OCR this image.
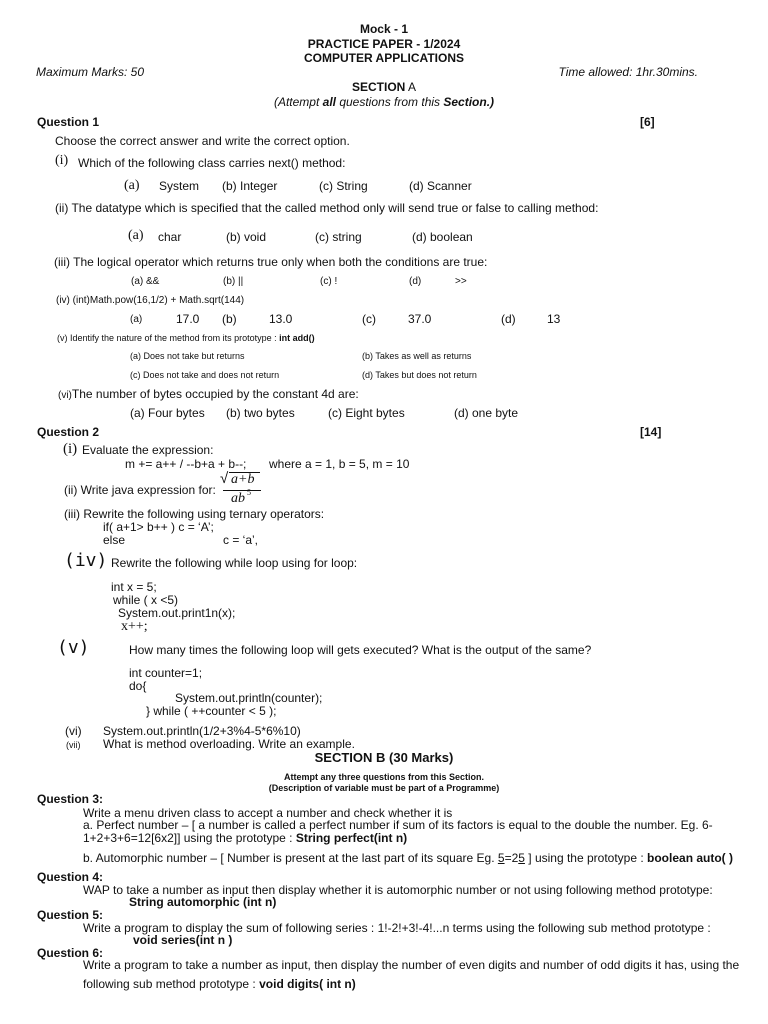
Mock - 1
PRACTICE PAPER - 1/2024
COMPUTER APPLICATIONS
Maximum Marks: 50	Time allowed: 1hr.30mins.
SECTION A
(Attempt all questions from this Section.)
Question 1	[6]
Choose the correct answer and write the correct option.
(i) Which of the following class carries next() method:
(a) System (b) Integer	(c) String	(d) Scanner
(ii) The datatype which is specified that the called method only will send true or false to calling method:
(a) char	(b) void	(c) string	(d) boolean
(iii) The logical operator which returns true only when both the conditions are true:
(a) &&	(b) ||	(c) !	(d)	>>
(iv) (int)Math.pow(16,1/2) + Math.sqrt(144)
(a)	17.0 (b)	13.0	(c)	37.0	(d)	13
(v) Identify the nature of the method from its prototype : int add()
(a) Does not take but returns	(b) Takes as well as returns
(c) Does not take and does not return	(d) Takes but does not return
(vi)The number of bytes occupied by the constant 4d are:
(a) Four bytes (b) two bytes	(c) Eight bytes	(d) one byte
Question 2	[14]
(i) Evaluate the expression:
m += a++ / --b+a + b--; where a = 1, b = 5, m = 10
(ii) Write java expression for:
√ a+b
ab 5
(iii) Rewrite the following using ternary operators:
if( a+1> b++ ) c = ‘A’;
else	c = ‘a’,
(iv) Rewrite the following while loop using for loop:
int x = 5;
while ( x <5)
System.out.print1n(x);
x++;
(v)	How many times the following loop will gets executed? What is the output of the same?
int counter=1;
do{
System.out.println(counter);
} while ( ++counter < 5 );
(vi) System.out.println(1/2+3%4-5*6%10)
(vii) What is method overloading. Write an example.
SECTION B (30 Marks)
Attempt any three questions from this Section.
(Description of variable must be part of a Programme)
Question 3:
Write a menu driven class to accept a number and check whether it is
a. Perfect number – [ a number is called a perfect number if sum of its factors is equal to the double the number. Eg. 6-
1+2+3+6=12[6x2]] using the prototype : String perfect(int n)
b. Automorphic number – [ Number is present at the last part of its square Eg. 5=25 ] using the prototype : boolean auto( )
Question 4:
WAP to take a number as input then display whether it is automorphic number or not using following method prototype:
String automorphic (int n)
Question 5:
Write a program to display the sum of following series : 1!-2!+3!-4!...n terms using the following sub method prototype :
void series(int n )
Question 6:
Write a program to take a number as input, then display the number of even digits and number of odd digits it has, using the
following sub method prototype : void digits( int n)
